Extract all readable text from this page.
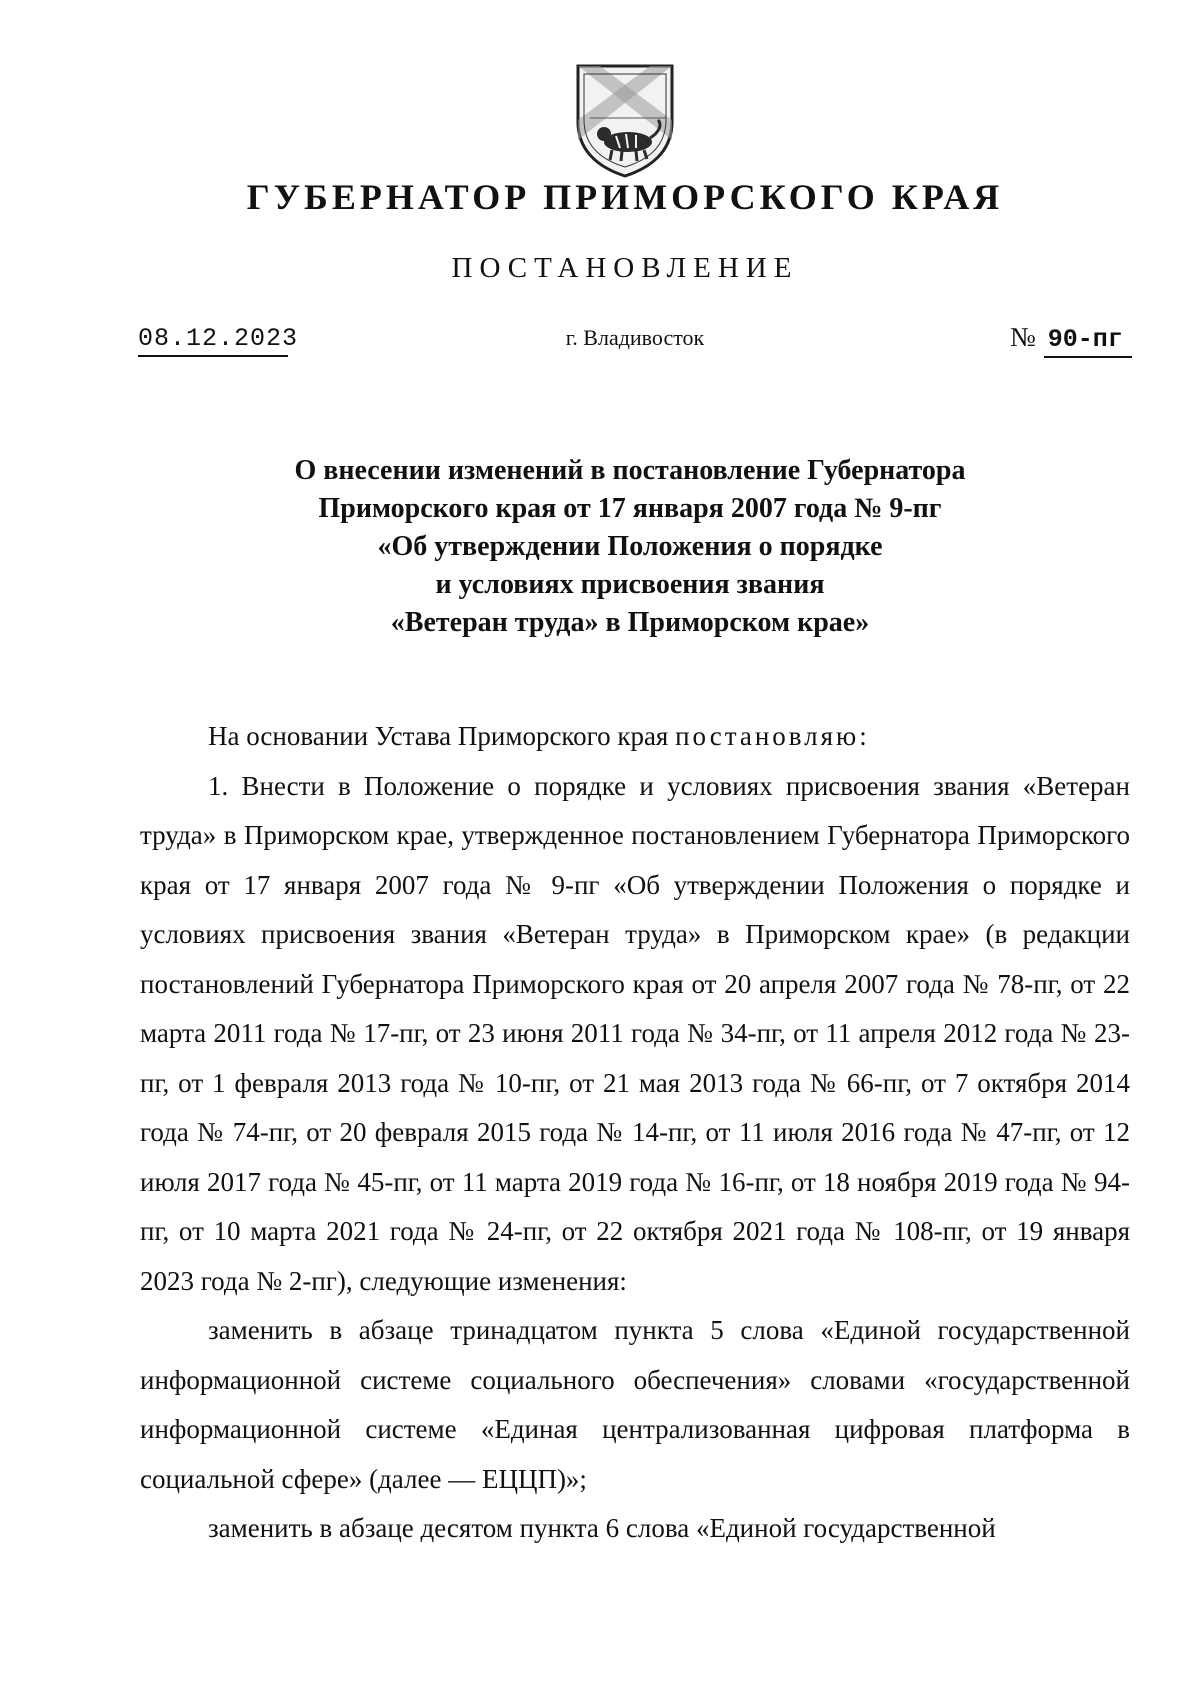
ГУБЕРНАТОР ПРИМОРСКОГО КРАЯ
ПОСТАНОВЛЕНИЕ
08.12.2023	г. Владивосток	№ 90-пг
О внесении изменений в постановление Губернатора
Приморского края от 17 января 2007 года № 9-пг
«Об утверждении Положения о порядке
и условиях присвоения звания
«Ветеран труда» в Приморском крае»

На основании Устава Приморского края постановляю:

1. Внести в Положение о порядке и условиях присвоения звания «Ветеран труда» в Приморском крае, утвержденное постановлением Губернатора Приморского края от 17 января 2007 года № 9-пг «Об утверждении Положения о порядке и условиях присвоения звания «Ветеран труда» в Приморском крае» (в редакции постановлений Губернатора Приморского края от 20 апреля 2007 года № 78-пг, от 22 марта 2011 года № 17-пг, от 23 июня 2011 года № 34-пг, от 11 апреля 2012 года № 23-пг, от 1 февраля 2013 года № 10-пг, от 21 мая 2013 года № 66-пг, от 7 октября 2014 года № 74-пг, от 20 февраля 2015 года № 14-пг, от 11 июля 2016 года № 47-пг, от 12 июля 2017 года № 45-пг, от 11 марта 2019 года № 16-пг, от 18 ноября 2019 года № 94-пг, от 10 марта 2021 года № 24-пг, от 22 октября 2021 года № 108-пг, от 19 января 2023 года № 2-пг), следующие изменения:

заменить в абзаце тринадцатом пункта 5 слова «Единой государственной информационной системе социального обеспечения» словами «государственной информационной системе «Единая централизованная цифровая платформа в социальной сфере» (далее — ЕЦЦП)»;

заменить в абзаце десятом пункта 6 слова «Единой государственной
